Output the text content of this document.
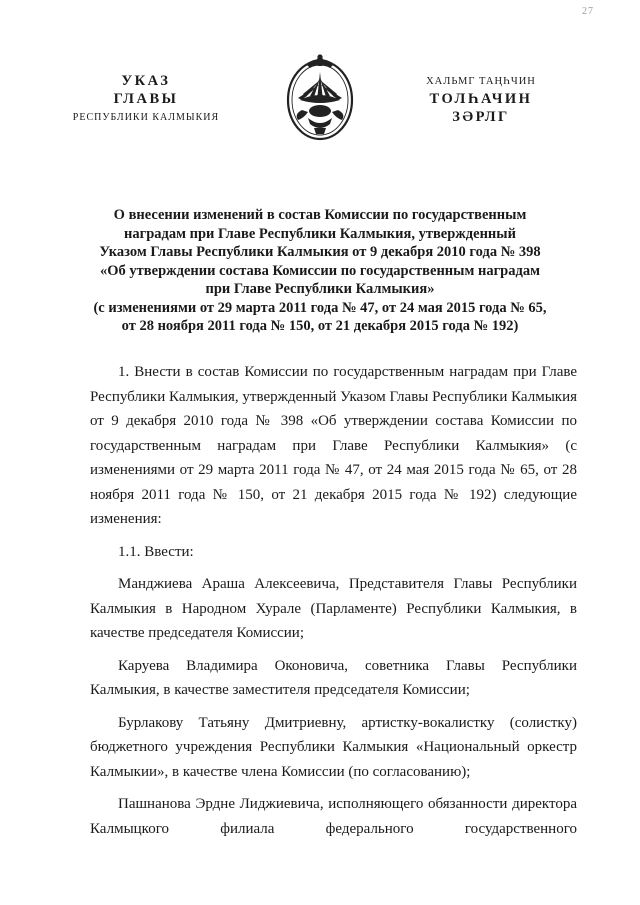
27
УКАЗ
ГЛАВЫ
РЕСПУБЛИКИ КАЛМЫКИЯ
ХАЛЬМГ ТАҢҺЧИН
ТОЛҺАЧИН
ЗӘРЛГ
О внесении изменений в состав Комиссии по государственным
наградам при Главе Республики Калмыкия, утвержденный
Указом Главы Республики Калмыкия от 9 декабря 2010 года № 398
«Об утверждении состава Комиссии по государственным наградам
при Главе Республики Калмыкия»
(с изменениями от 29 марта 2011 года № 47, от 24 мая 2015 года № 65,
от 28 ноября 2011 года № 150, от 21 декабря 2015 года № 192)

1. Внести в состав Комиссии по государственным наградам при Главе Республики Калмыкия, утвержденный Указом Главы Республики Калмыкия от 9 декабря 2010 года № 398 «Об утверждении состава Комиссии по государственным наградам при Главе Республики Калмыкия» (с изменениями от 29 марта 2011 года № 47, от 24 мая 2015 года № 65, от 28 ноября 2011 года № 150, от 21 декабря 2015 года № 192) следующие изменения:

1.1. Ввести:

Манджиева Араша Алексеевича, Представителя Главы Республики Калмыкия в Народном Хурале (Парламенте) Республики Калмыкия, в качестве председателя Комиссии;

Каруева Владимира Оконовича, советника Главы Республики Калмыкия, в качестве заместителя председателя Комиссии;

Бурлакову Татьяну Дмитриевну, артистку-вокалистку (солистку) бюджетного учреждения Республики Калмыкия «Национальный оркестр Калмыкии», в качестве члена Комиссии (по согласованию);

Пашнанова Эрдне Лиджиевича, исполняющего обязанности директора Калмыцкого филиала федерального государственного
